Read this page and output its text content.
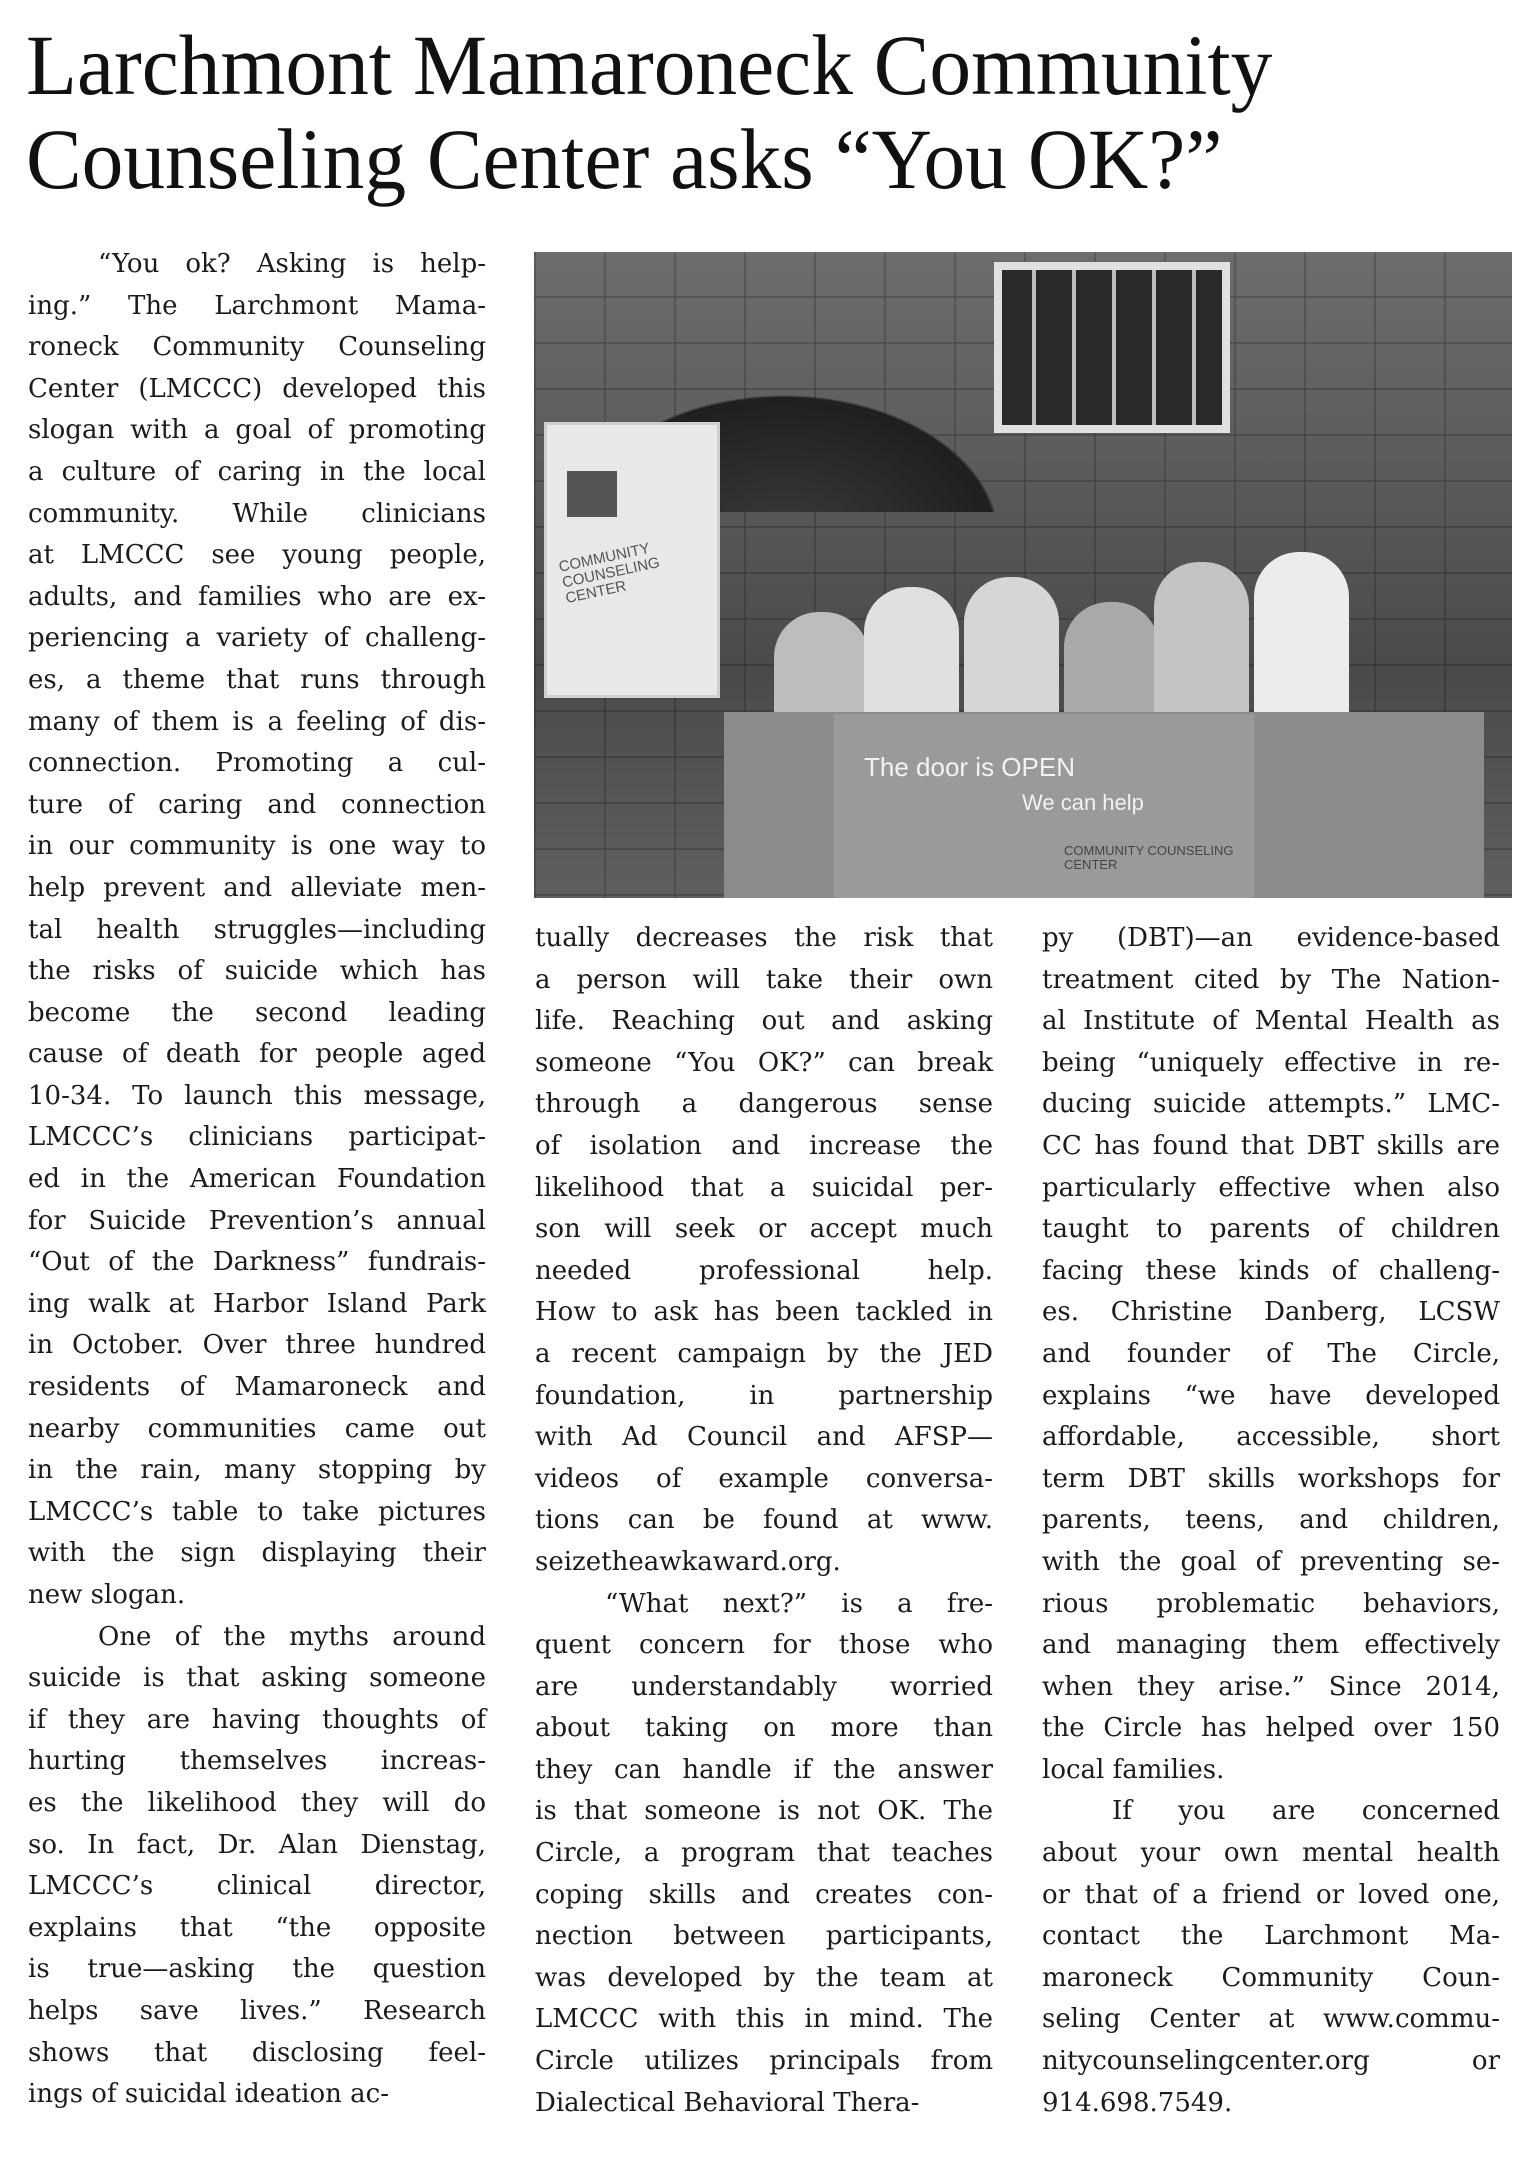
Larchmont Mamaroneck Community
Counseling Center asks “You OK?”
COMMUNITY COUNSELING CENTER
The door is OPEN
We can help
COMMUNITY COUNSELING CENTER

“You ok? Asking is help-
ing.” The Larchmont Mama-
roneck Community Counseling
Center (LMCCC) developed this
slogan with a goal of promoting
a culture of caring in the local
community. While clinicians
at LMCCC see young people,
adults, and families who are ex-
periencing a variety of challeng-
es, a theme that runs through
many of them is a feeling of dis-
connection. Promoting a cul-
ture of caring and connection
in our community is one way to
help prevent and alleviate men-
tal health struggles—including
the risks of suicide which has
become the second leading
cause of death for people aged
10-34. To launch this message,
LMCCC’s clinicians participat-
ed in the American Foundation
for Suicide Prevention’s annual
“Out of the Darkness” fundrais-
ing walk at Harbor Island Park
in October. Over three hundred
residents of Mamaroneck and
nearby communities came out
in the rain, many stopping by
LMCCC’s table to take pictures
with the sign displaying their
new slogan.

One of the myths around
suicide is that asking someone
if they are having thoughts of
hurting themselves increas-
es the likelihood they will do
so. In fact, Dr. Alan Dienstag,
LMCCC’s clinical director,
explains that “the opposite
is true—asking the question
helps save lives.” Research
shows that disclosing feel-
ings of suicidal ideation ac-

tually decreases the risk that
a person will take their own
life. Reaching out and asking
someone “You OK?” can break
through a dangerous sense
of isolation and increase the
likelihood that a suicidal per-
son will seek or accept much
needed professional help.
How to ask has been tackled in
a recent campaign by the JED
foundation, in partnership
with Ad Council and AFSP—
videos of example conversa-
tions can be found at www.
seizetheawkaward.org.

“What next?” is a fre-
quent concern for those who
are understandably worried
about taking on more than
they can handle if the answer
is that someone is not OK. The
Circle, a program that teaches
coping skills and creates con-
nection between participants,
was developed by the team at
LMCCC with this in mind. The
Circle utilizes principals from
Dialectical Behavioral Thera-

py (DBT)—an evidence-based
treatment cited by The Nation-
al Institute of Mental Health as
being “uniquely effective in re-
ducing suicide attempts.” LMC-
CC has found that DBT skills are
particularly effective when also
taught to parents of children
facing these kinds of challeng-
es. Christine Danberg, LCSW
and founder of The Circle,
explains “we have developed
affordable, accessible, short
term DBT skills workshops for
parents, teens, and children,
with the goal of preventing se-
rious problematic behaviors,
and managing them effectively
when they arise.” Since 2014,
the Circle has helped over 150
local families.

If you are concerned
about your own mental health
or that of a friend or loved one,
contact the Larchmont Ma-
maroneck Community Coun-
seling Center at www.commu-
nitycounselingcenter.org or
914.698.7549.
